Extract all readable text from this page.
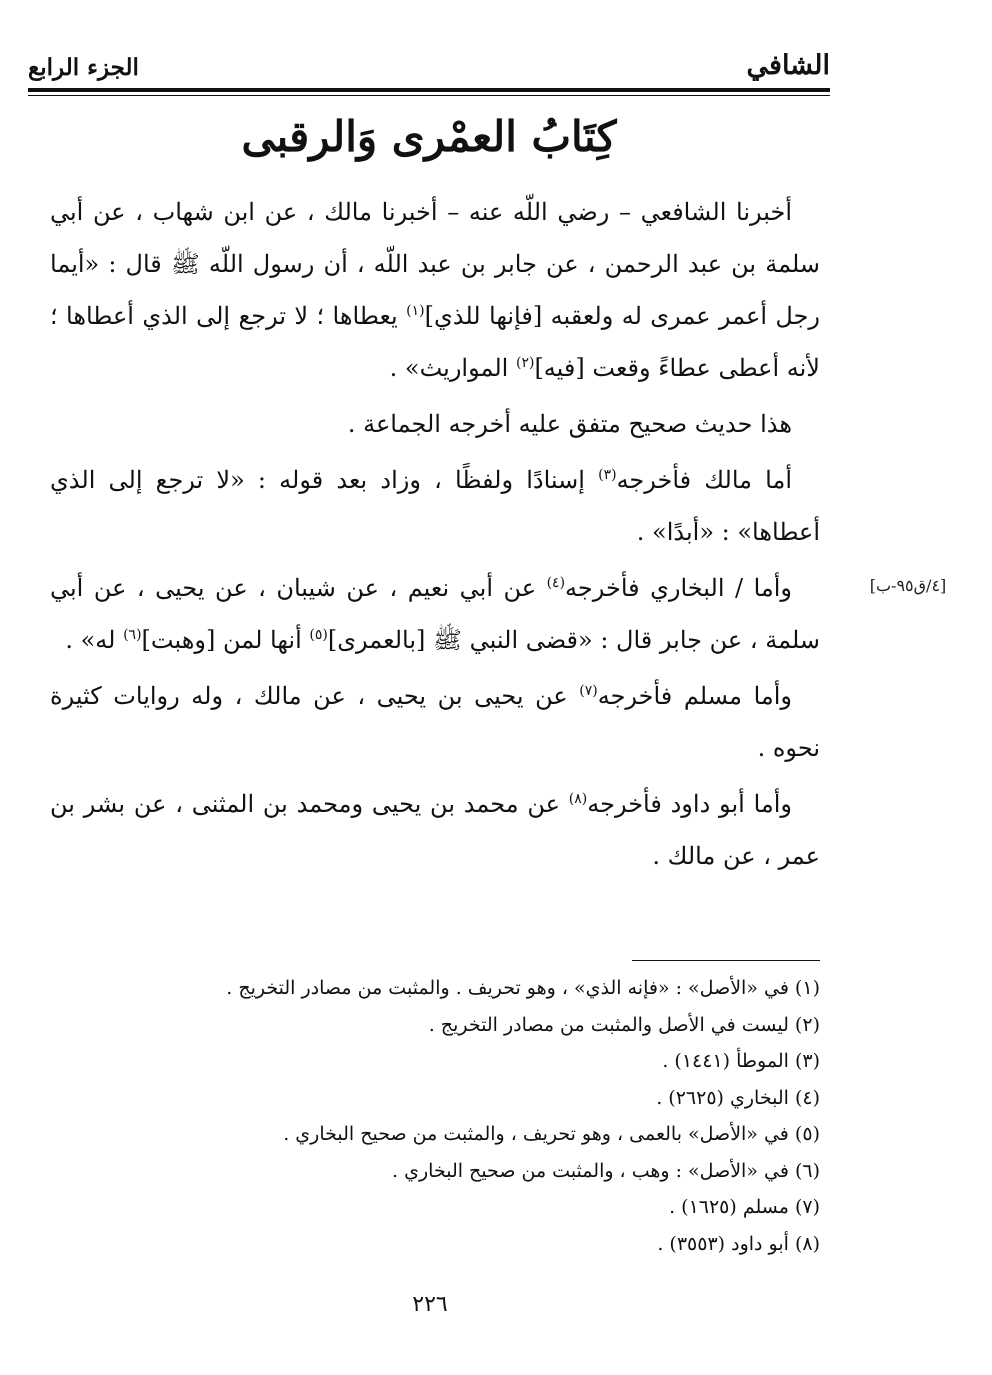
الشافي
الجزء الرابع
كِتَابُ العمْرى وَالرقبى
[٤/ق٩٥-ب]

أخبرنا الشافعي – رضي اللّه عنه – أخبرنا مالك ، عن ابن شهاب ، عن أبي سلمة بن عبد الرحمن ، عن جابر بن عبد اللّه ، أن رسول اللّه ﷺ قال : «أيما رجل أعمر عمرى له ولعقبه [فإنها للذي]$^{(١)}$ يعطاها ؛ لا ترجع إلى الذي أعطاها ؛ لأنه أعطى عطاءً وقعت [فيه]$^{(٢)}$ المواريث» .

هذا حديث صحيح متفق عليه أخرجه الجماعة .

أما مالك فأخرجه$^{(٣)}$ إسنادًا ولفظًا ، وزاد بعد قوله : «لا ترجع إلى الذي أعطاها» : «أبدًا» .

وأما / البخاري فأخرجه$^{(٤)}$ عن أبي نعيم ، عن شيبان ، عن يحيى ، عن أبي سلمة ، عن جابر قال : «قضى النبي ﷺ [بالعمرى]$^{(٥)}$ أنها لمن [وهبت]$^{(٦)}$ له» .

وأما مسلم فأخرجه$^{(٧)}$ عن يحيى بن يحيى ، عن مالك ، وله روايات كثيرة نحوه .

وأما أبو داود فأخرجه$^{(٨)}$ عن محمد بن يحيى ومحمد بن المثنى ، عن بشر بن عمر ، عن مالك .

(١) في «الأصل» : «فإنه الذي» ، وهو تحريف . والمثبت من مصادر التخريج .
(٢) ليست في الأصل والمثبت من مصادر التخريج .
(٣) الموطأ (١٤٤١) .
(٤) البخاري (٢٦٢٥) .
(٥) في «الأصل» بالعمى ، وهو تحريف ، والمثبت من صحيح البخاري .
(٦) في «الأصل» : وهب ، والمثبت من صحيح البخاري .
(٧) مسلم (١٦٢٥) .
(٨) أبو داود (٣٥٥٣) .
٢٢٦
